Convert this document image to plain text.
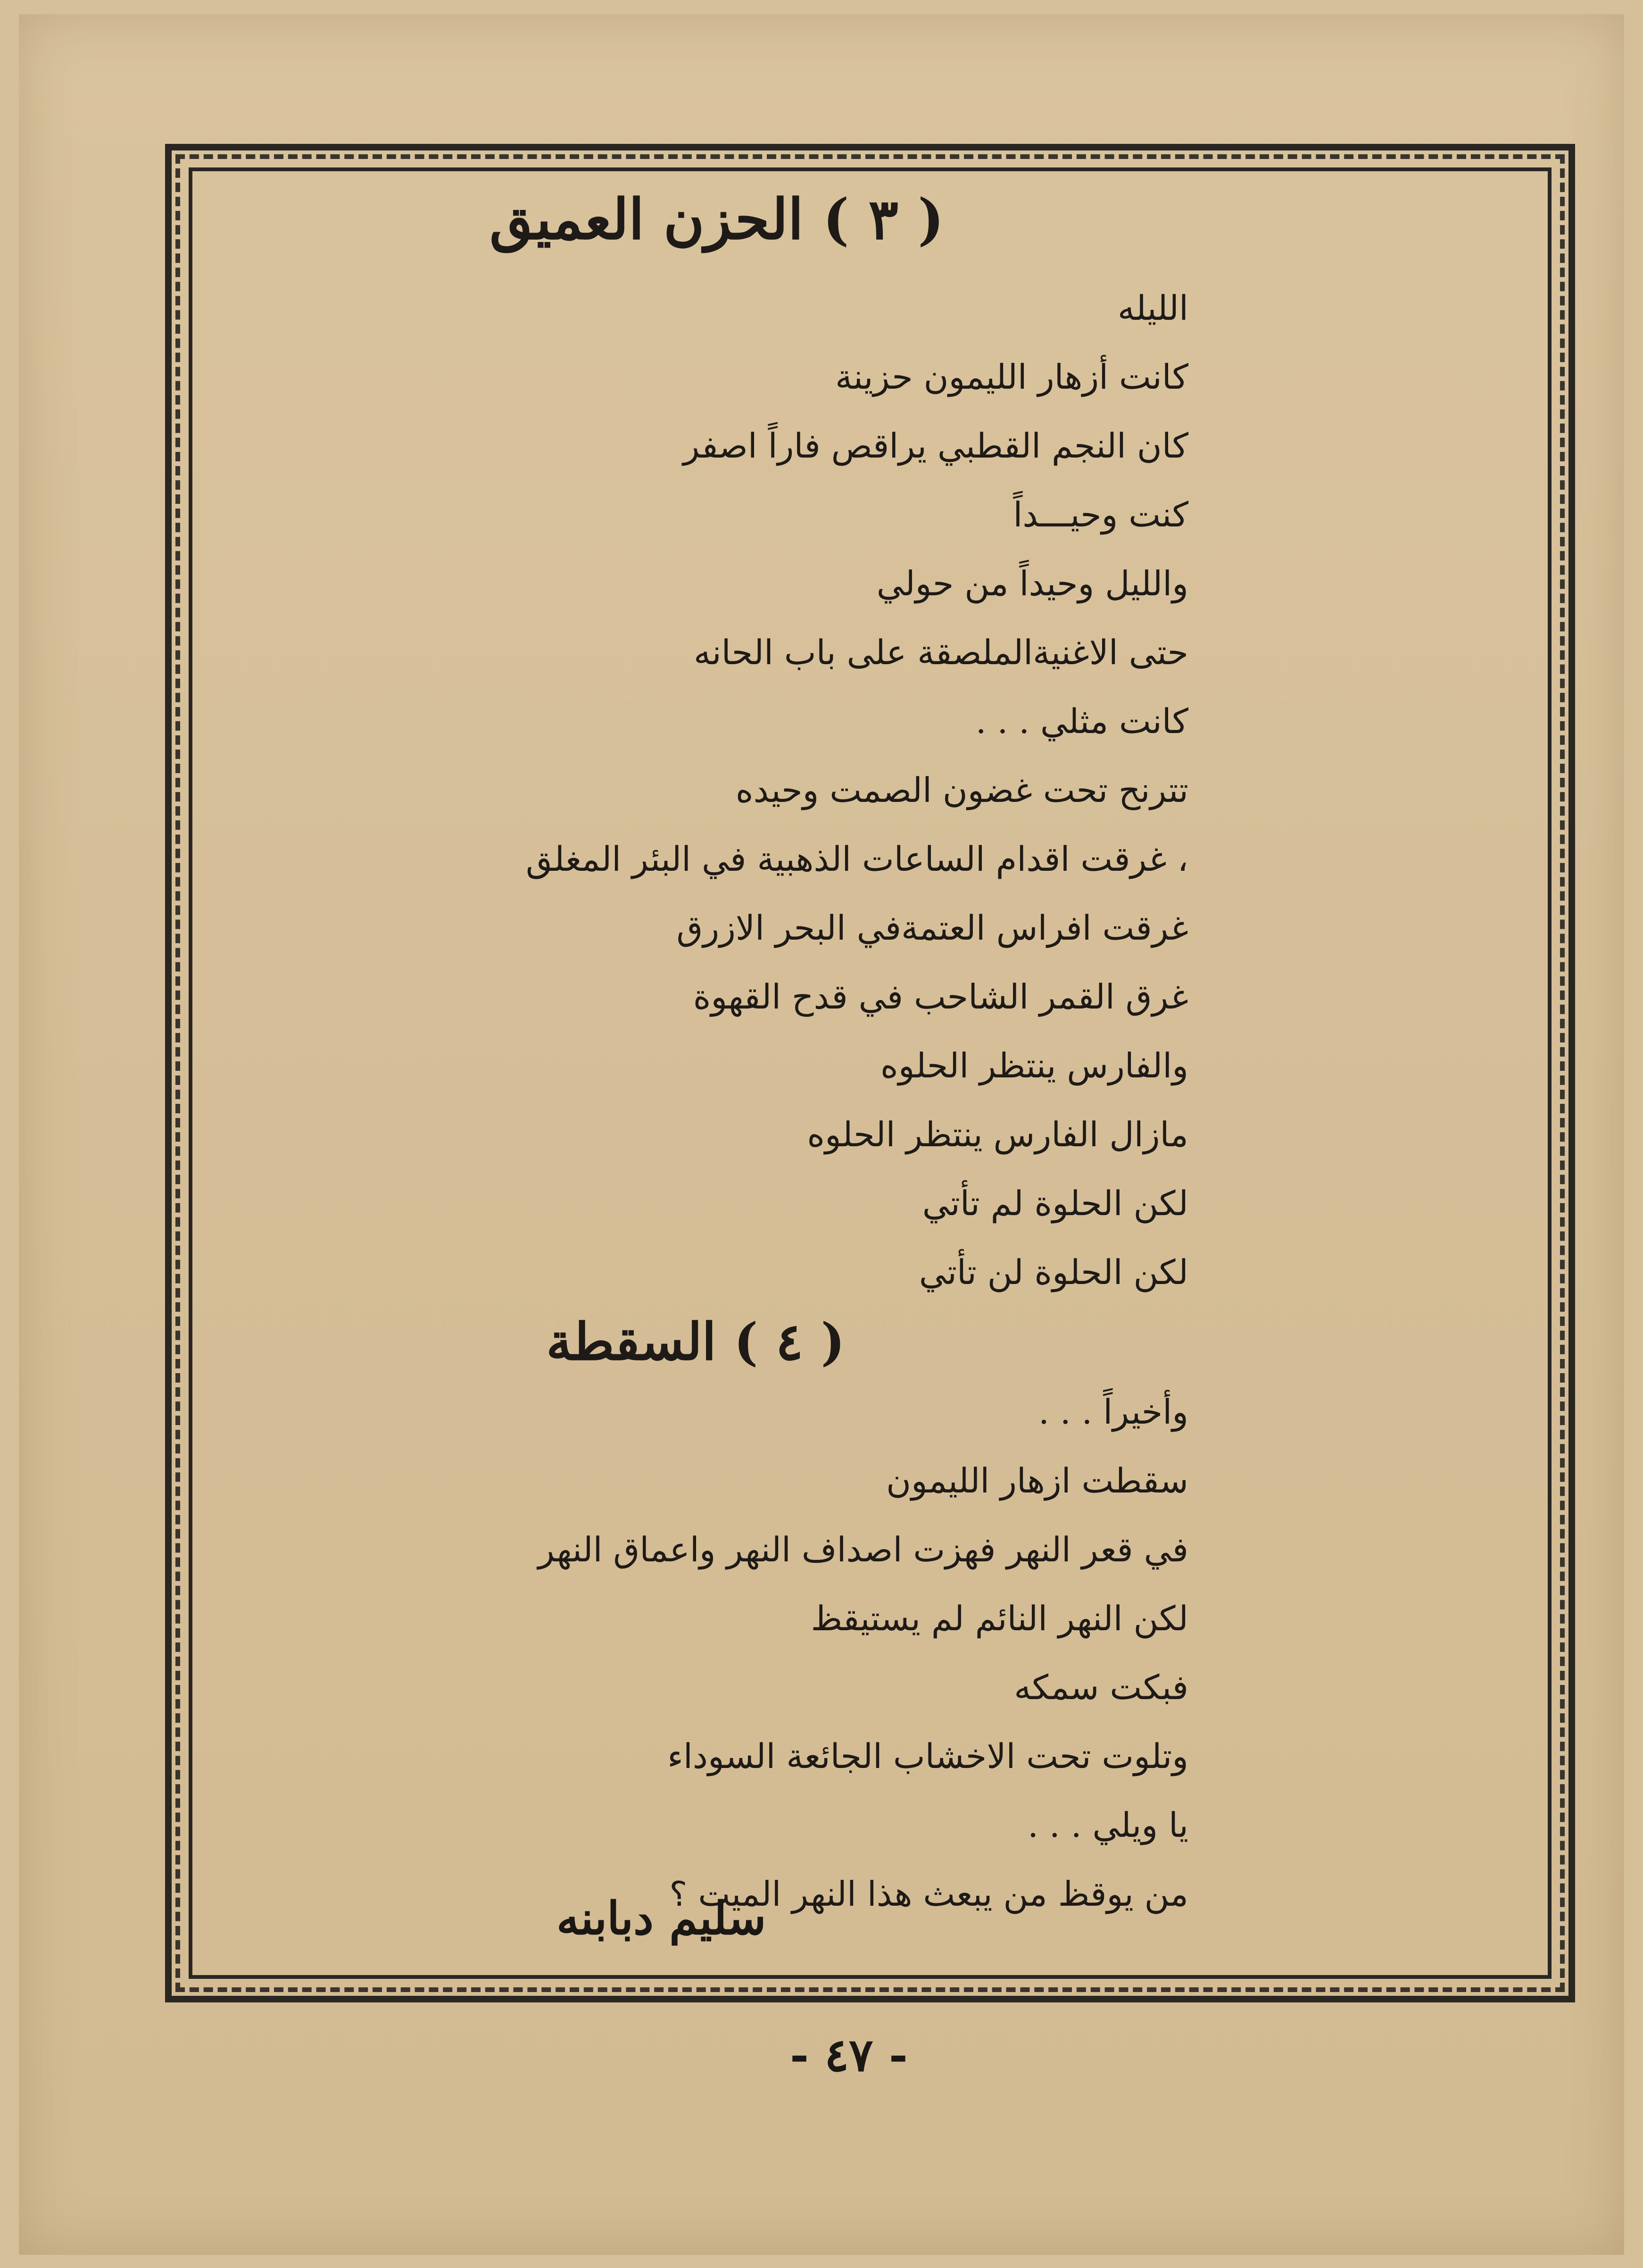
( ٣ ) الحزن العميق
الليله
كانت أزهار الليمون حزينة
كان النجم القطبي يراقص فاراً اصفر
كنت وحيـــداً
والليل وحيداً من حولي
حتى الاغنيةالملصقة على باب الحانه
كانت مثلي . . .
تترنح تحت غضون الصمت وحيده
، غرقت اقدام الساعات الذهبية في البئر المغلق
غرقت افراس العتمةفي البحر الازرق
غرق القمر الشاحب في قدح القهوة
والفارس ينتظر الحلوه
مازال الفارس ينتظر الحلوه
لكن الحلوة لم تأتي
لكن الحلوة لن تأتي
( ٤ ) السقطة
وأخيراً . . .
سقطت ازهار الليمون
في قعر النهر فهزت اصداف النهر واعماق النهر
لكن النهر النائم لم يستيقظ
فبكت سمكه
وتلوت تحت الاخشاب الجائعة السوداء
يا ويلي . . .
من يوقظ من يبعث هذا النهر الميت ؟
سليم دبابنه
- ٤٧ -
